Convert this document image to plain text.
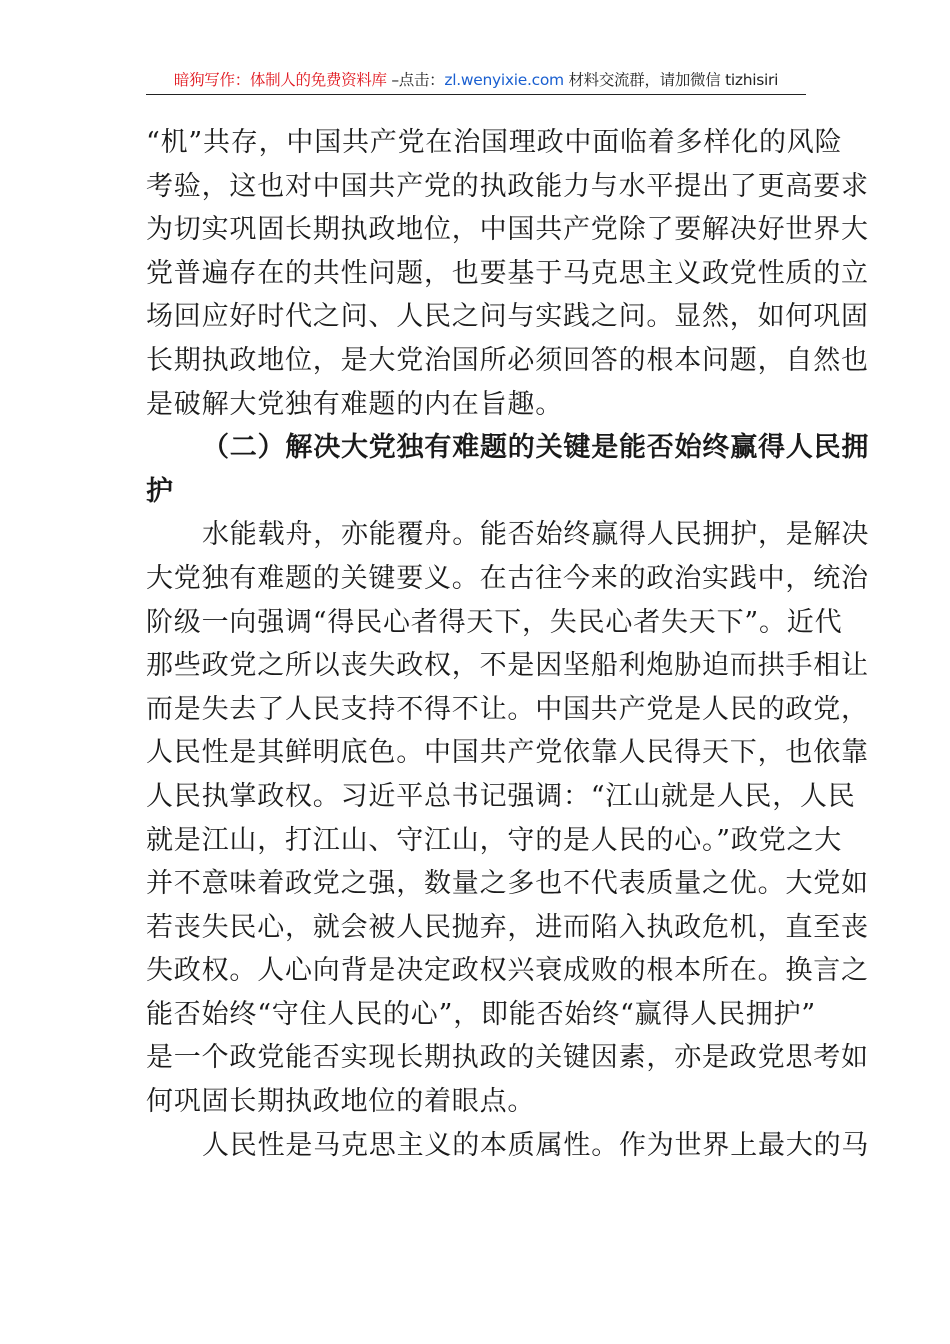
暗狗写作：体制人的免费资料库 –点击：zl.wenyixie.com 材料交流群，请加微信 tizhisiri
“机”共存，中国共产党在治国理政中面临着多样化的风险
考验，这也对中国共产党的执政能力与水平提出了更高要求
为切实巩固长期执政地位，中国共产党除了要解决好世界大
党普遍存在的共性问题，也要基于马克思主义政党性质的立
场回应好时代之问、人民之问与实践之问。显然，如何巩固
长期执政地位，是大党治国所必须回答的根本问题，自然也
是破解大党独有难题的内在旨趣。
（二）解决大党独有难题的关键是能否始终赢得人民拥
护
水能载舟，亦能覆舟。能否始终赢得人民拥护，是解决
大党独有难题的关键要义。在古往今来的政治实践中，统治
阶级一向强调“得民心者得天下，失民心者失天下”。近代
那些政党之所以丧失政权，不是因坚船利炮胁迫而拱手相让
而是失去了人民支持不得不让。中国共产党是人民的政党，
人民性是其鲜明底色。中国共产党依靠人民得天下，也依靠
人民执掌政权。习近平总书记强调：“江山就是人民，人民
就是江山，打江山、守江山，守的是人民的心。”政党之大
并不意味着政党之强，数量之多也不代表质量之优。大党如
若丧失民心，就会被人民抛弃，进而陷入执政危机，直至丧
失政权。人心向背是决定政权兴衰成败的根本所在。换言之
能否始终“守住人民的心”，即能否始终“赢得人民拥护”
是一个政党能否实现长期执政的关键因素，亦是政党思考如
何巩固长期执政地位的着眼点。
人民性是马克思主义的本质属性。作为世界上最大的马
